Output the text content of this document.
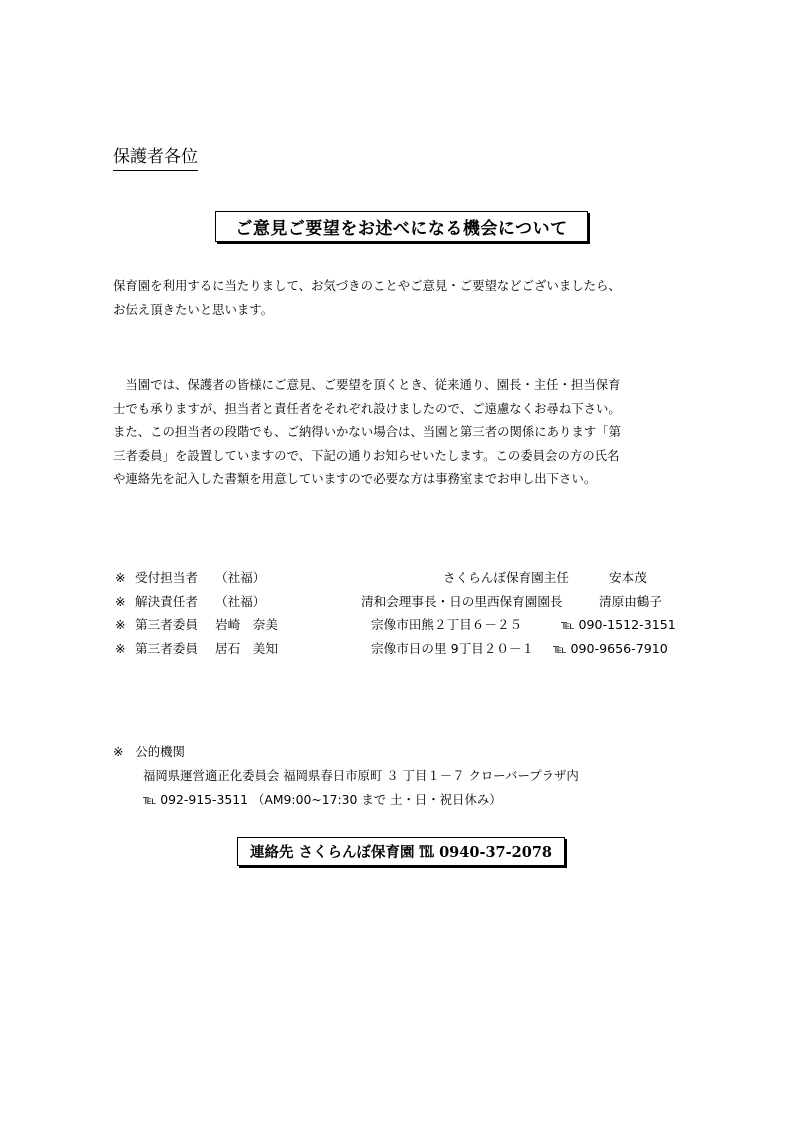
保護者各位
ご意見ご要望をお述べになる機会について

保育園を利用するに当たりまして、お気づきのことやご意見・ご要望などございましたら、

お伝え頂きたいと思います。

　当園では、保護者の皆様にご意見、ご要望を頂くとき、従来通り、園長・主任・担当保育

士でも承りますが、担当者と責任者をそれぞれ設けましたので、ご遠慮なくお尋ね下さい。

また、この担当者の段階でも、ご納得いかない場合は、当園と第三者の関係にあります「第

三者委員」を設置していますので、下記の通りお知らせいたします。この委員会の方の氏名

や連絡先を記入した書類を用意していますので必要な方は事務室までお申し出下さい。

※ 受付担当者 （社福）	さくらんぼ保育園主任	安本茂
※ 解決責任者 （社福）	清和会理事長・日の里西保育園園長	清原由鶴子
※ 第三者委員 岩崎　奈美	宗像市田熊２丁目６－２５	℡ 090-1512-3151
※ 第三者委員 居石　美知	宗像市日の里 9丁目２０－１ ℡ 090-9656-7910
※ 公的機関
福岡県運営適正化委員会 福岡県春日市原町 ３ 丁目１－７ クローバープラザ内
℡ 092-915-3511 （AM9:00~17:30 まで 土・日・祝日休み）
連絡先 さくらんぼ保育園 ℡ 0940-37-2078
